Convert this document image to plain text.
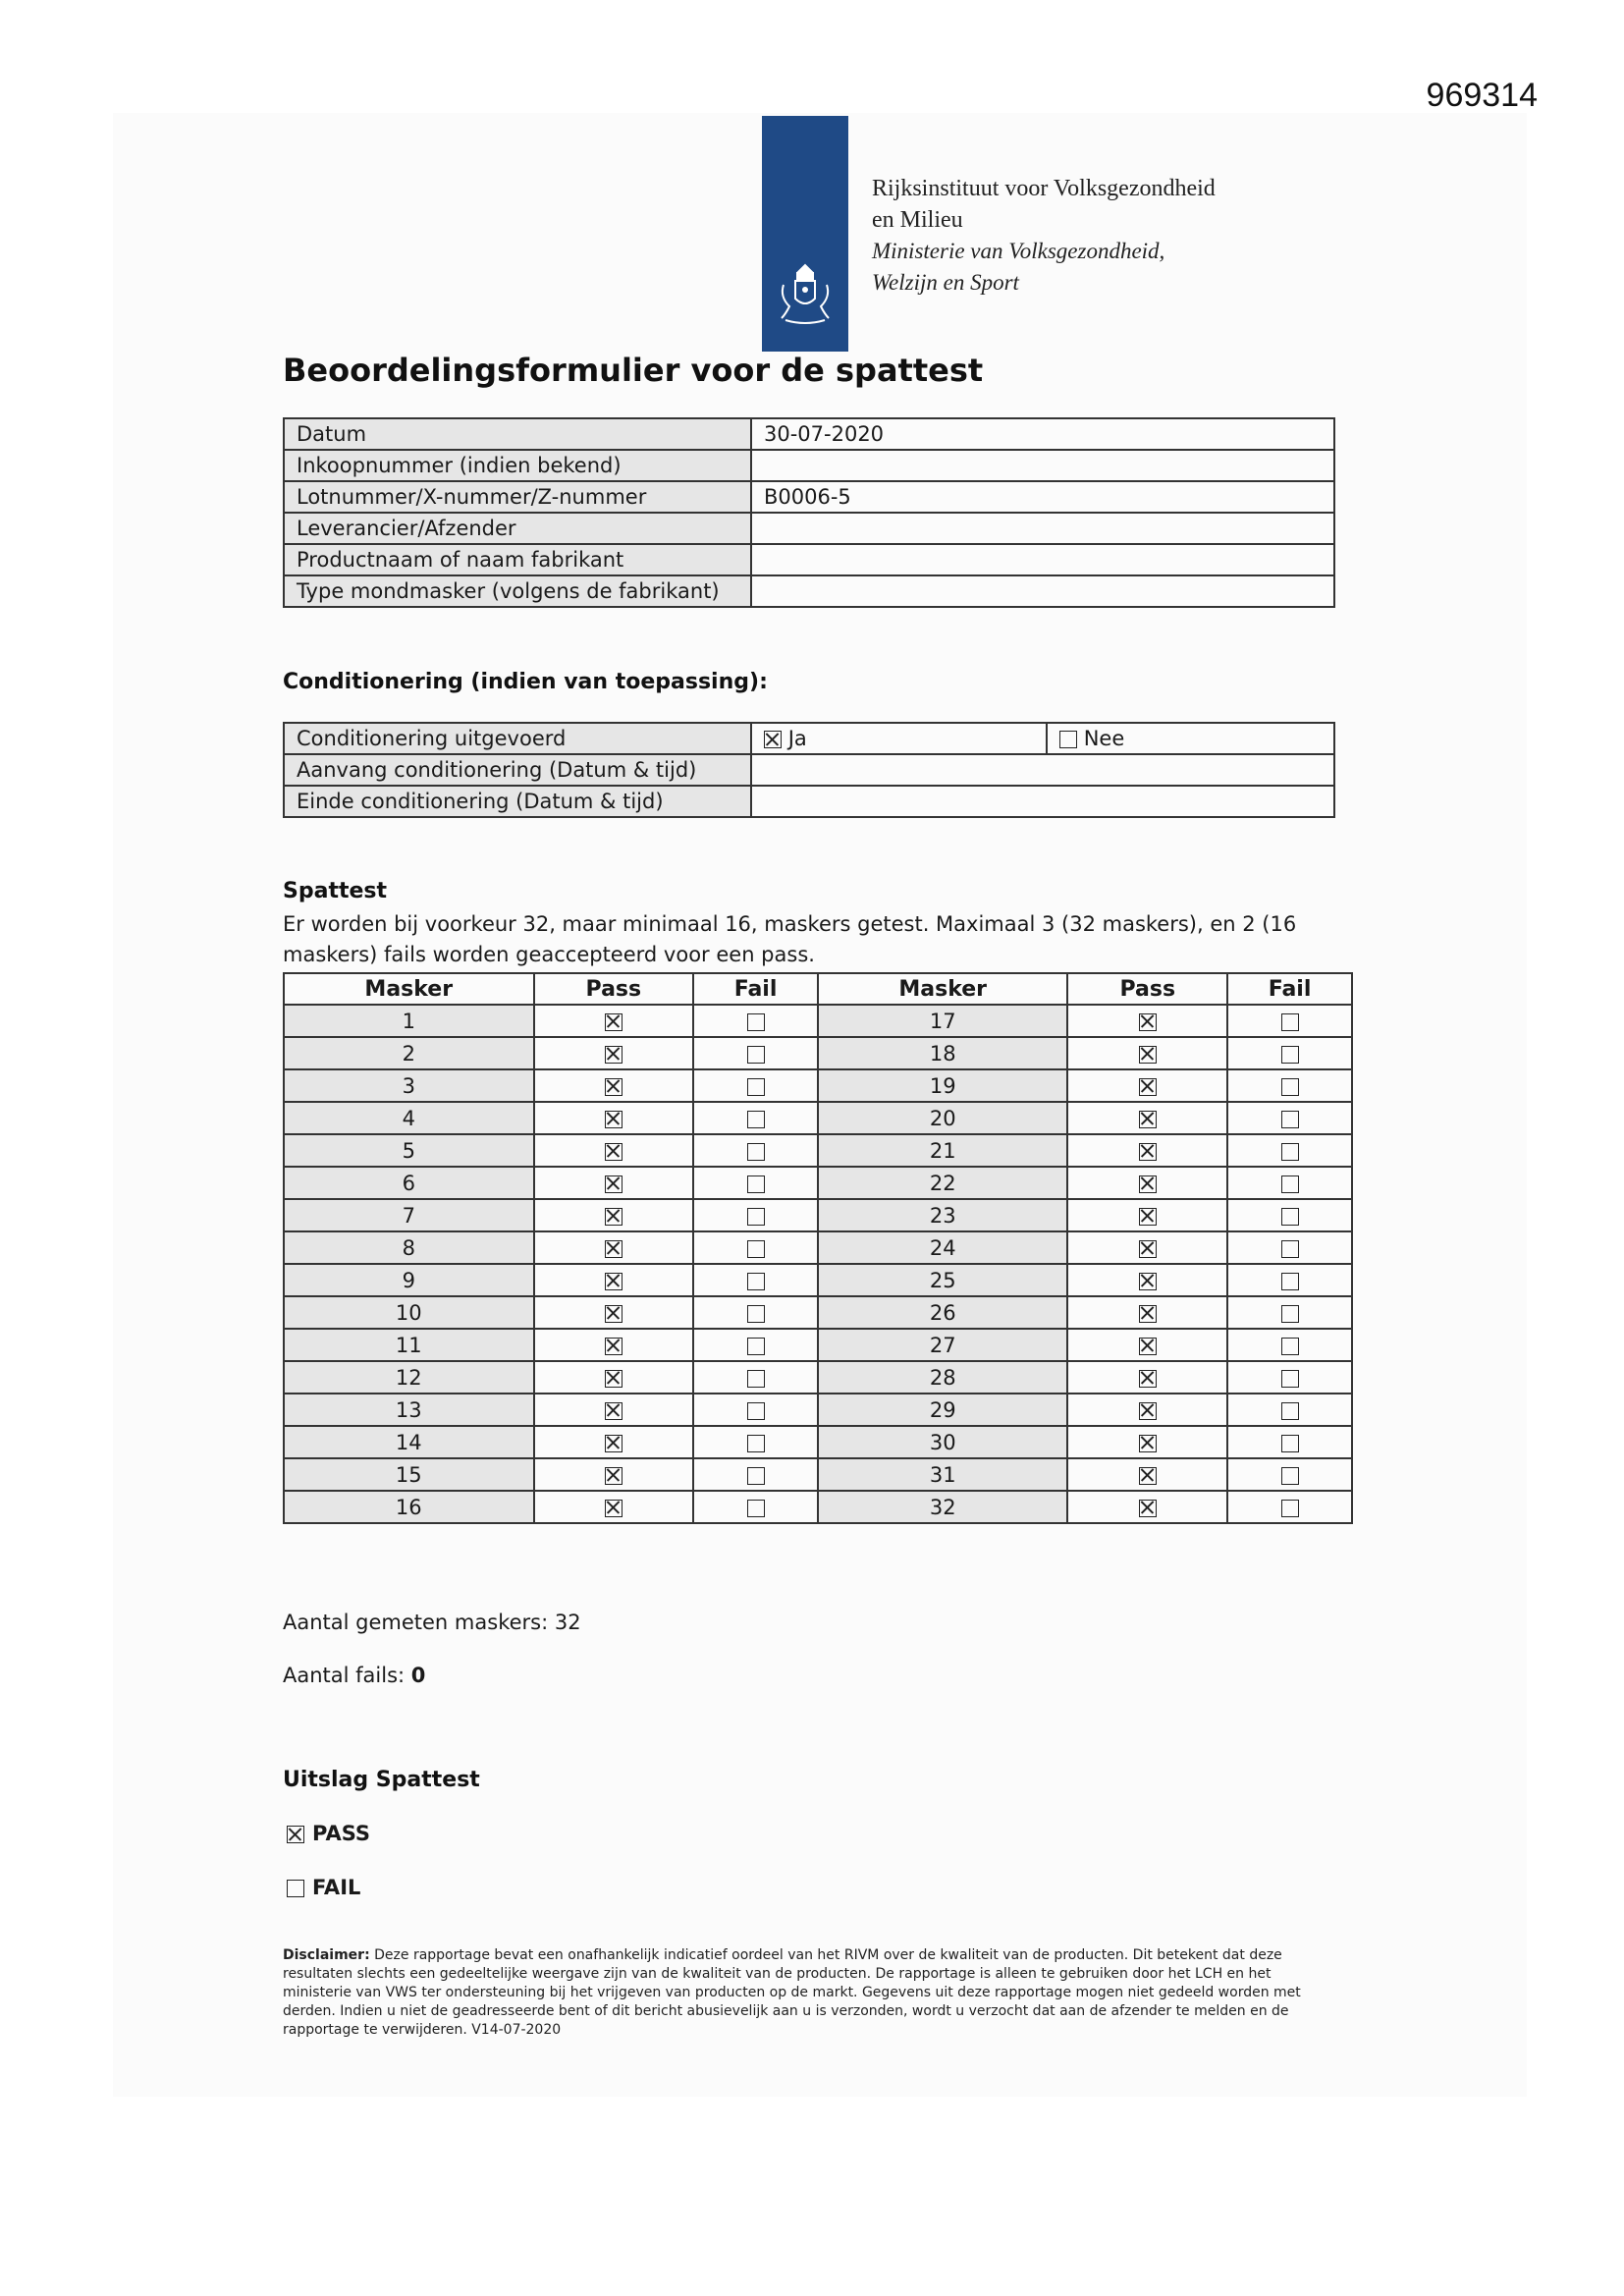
969314
Rijksinstituut voor Volksgezondheid
en Milieu
Ministerie van Volksgezondheid,
Welzijn en Sport
Beoordelingsformulier voor de spattest
Datum	30-07-2020
Inkoopnummer (indien bekend)	
Lotnummer/X-nummer/Z-nummer	B0006-5
Leverancier/Afzender	
Productnaam of naam fabrikant	
Type mondmasker (volgens de fabrikant)	
Conditionering (indien van toepassing):
Conditionering uitgevoerd	Ja	Nee
Aanvang conditionering (Datum & tijd)		
Einde conditionering (Datum & tijd)		
Spattest
Er worden bij voorkeur 32, maar minimaal 16, maskers getest. Maximaal 3 (32 maskers), en 2 (16 maskers) fails worden geaccepteerd voor een pass.
Masker	Pass	Fail	Masker	Pass	Fail
1			17		
2			18		
3			19		
4			20		
5			21		
6			22		
7			23		
8			24		
9			25		
10			26		
11			27		
12			28		
13			29		
14			30		
15			31		
16			32		
Aantal gemeten maskers: 32
Aantal fails: 0
Uitslag Spattest
PASS
FAIL
Disclaimer: Deze rapportage bevat een onafhankelijk indicatief oordeel van het RIVM over de kwaliteit van de producten. Dit betekent dat deze resultaten slechts een gedeeltelijke weergave zijn van de kwaliteit van de producten. De rapportage is alleen te gebruiken door het LCH en het ministerie van VWS ter ondersteuning bij het vrijgeven van producten op de markt. Gegevens uit deze rapportage mogen niet gedeeld worden met derden. Indien u niet de geadresseerde bent of dit bericht abusievelijk aan u is verzonden, wordt u verzocht dat aan de afzender te melden en de rapportage te verwijderen. V14-07-2020
